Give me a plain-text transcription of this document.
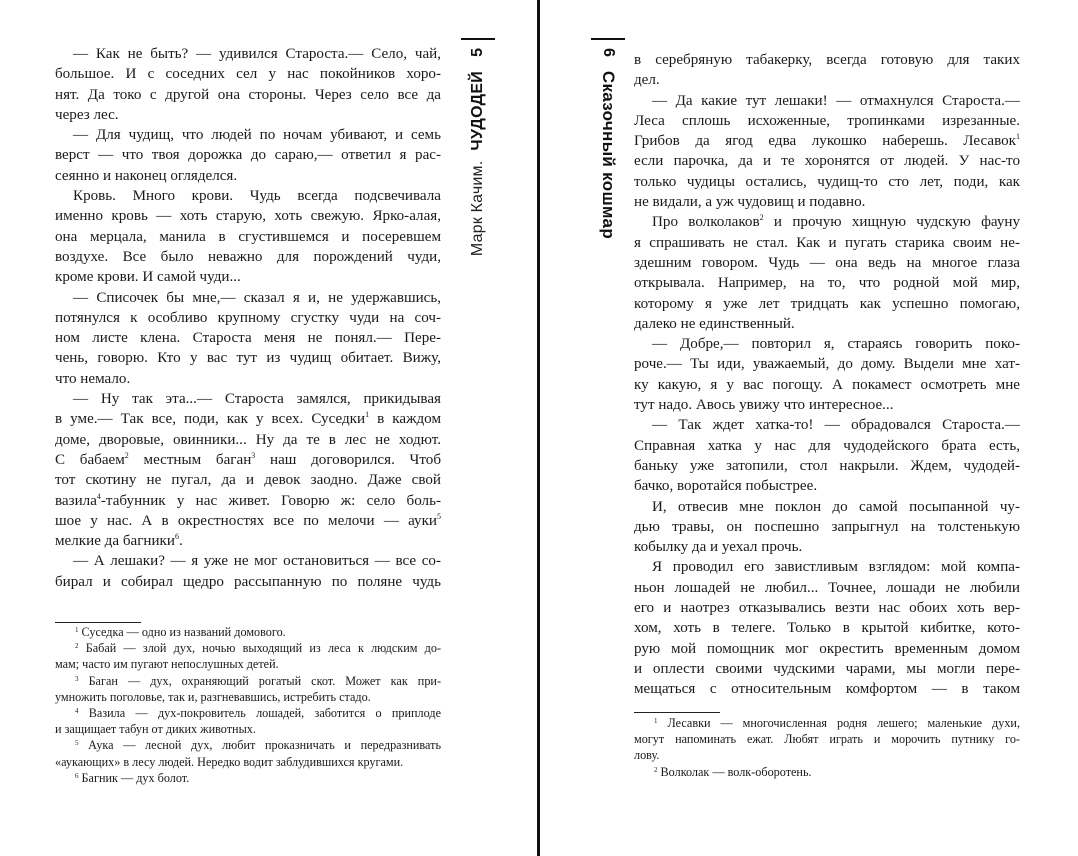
— Как не быть? — удивился Староста.— Село, чай,
большое. И с соседних сел у нас покойников хоро-
нят. Да токо с другой она стороны. Через село все да
через лес.
— Для чудищ, что людей по ночам убивают, и семь
верст — что твоя дорожка до сараю,— ответил я рас-
сеянно и наконец огляделся.
Кровь. Много крови. Чудь всегда подсвечивала
именно кровь — хоть старую, хоть свежую. Ярко-алая,
она мерцала, манила в сгустившемся и посеревшем
воздухе. Все было неважно для порождений чуди,
кроме крови. И самой чуди...
— Списочек бы мне,— сказал я и, не удержавшись,
потянулся к особливо крупному сгустку чуди на соч-
ном листе клена. Староста меня не понял.— Пере-
чень, говорю. Кто у вас тут из чудищ обитает. Вижу,
что немало.
— Ну так эта...— Староста замялся, прикидывая
в уме.— Так все, поди, как у всех. Суседки$^1$ в каждом
доме, дворовые, овинники... Ну да те в лес не ходют.
С бабаем$^2$ местным баган$^3$ наш договорился. Чтоб
тот скотину не пугал, да и девок заодно. Даже свой
вазила$^4$-табунник у нас живет. Говорю ж: село боль-
шое у нас. А в окрестностях все по мелочи — ауки$^5$
мелкие да багники$^6$.
— А лешаки? — я уже не мог остановиться — все со-
бирал и собирал щедро рассыпанную по поляне чудь
$^1$ Суседка — одно из названий домового.
$^2$ Бабай — злой дух, ночью выходящий из леса к людским до-
мам; часто им пугают непослушных детей.
$^3$ Баган — дух, охраняющий рогатый скот. Может как при-
умножить поголовье, так и, разгневавшись, истребить стадо.
$^4$ Вазила — дух-покровитель лошадей, заботится о приплоде
и защищает табун от диких животных.
$^5$ Аука — лесной дух, любит проказничать и передразнивать
«аукающих» в лесу людей. Нередко водит заблудившихся кругами.
$^6$ Багник — дух болот.
Марк Качим.
ЧУДОДЕЙ
5	в серебряную табакерку, всегда готовую для таких
дел.
— Да какие тут лешаки! — отмахнулся Староста.—
Леса сплошь исхоженные, тропинками изрезанные.
Грибов да ягод едва лукошко наберешь. Лесавок$^1$
если парочка, да и те хоронятся от людей. У нас-то
только чудицы остались, чудищ-то сто лет, поди, как
не видали, а уж чудовищ и подавно.
Про волколаков$^2$ и прочую хищную чудскую фауну
я спрашивать не стал. Как и пугать старика своим не-
здешним говором. Чудь — она ведь на многое глаза
открывала. Например, на то, что родной мой мир,
которому я уже лет тридцать как успешно помогаю,
далеко не единственный.
— Добре,— повторил я, стараясь говорить поко-
роче.— Ты иди, уважаемый, до дому. Выдели мне хат-
ку какую, я у вас погощу. А покамест осмотреть мне
тут надо. Авось увижу что интересное...
— Так ждет хатка-то! — обрадовался Староста.—
Справная хатка у нас для чудодейского брата есть,
баньку уже затопили, стол накрыли. Ждем, чудодей-
бачко, воротайся побыстрее.
И, отвесив мне поклон до самой посыпанной чу-
дью травы, он поспешно запрыгнул на толстенькую
кобылку да и уехал прочь.
Я проводил его завистливым взглядом: мой компа-
ньон лошадей не любил... Точнее, лошади не любили
его и наотрез отказывались везти нас обоих хоть вер-
хом, хоть в телеге. Только в крытой кибитке, кото-
рую мой помощник мог окрестить временным домом
и оплести своими чудскими чарами, мы могли пере-
мещаться с относительным комфортом — в таком
$^1$ Лесавки — многочисленная родня лешего; маленькие духи,
могут напоминать ежат. Любят играть и морочить путнику го-
лову.
$^2$ Волколак — волк-оборотень.
Сказочный кошмар
6
